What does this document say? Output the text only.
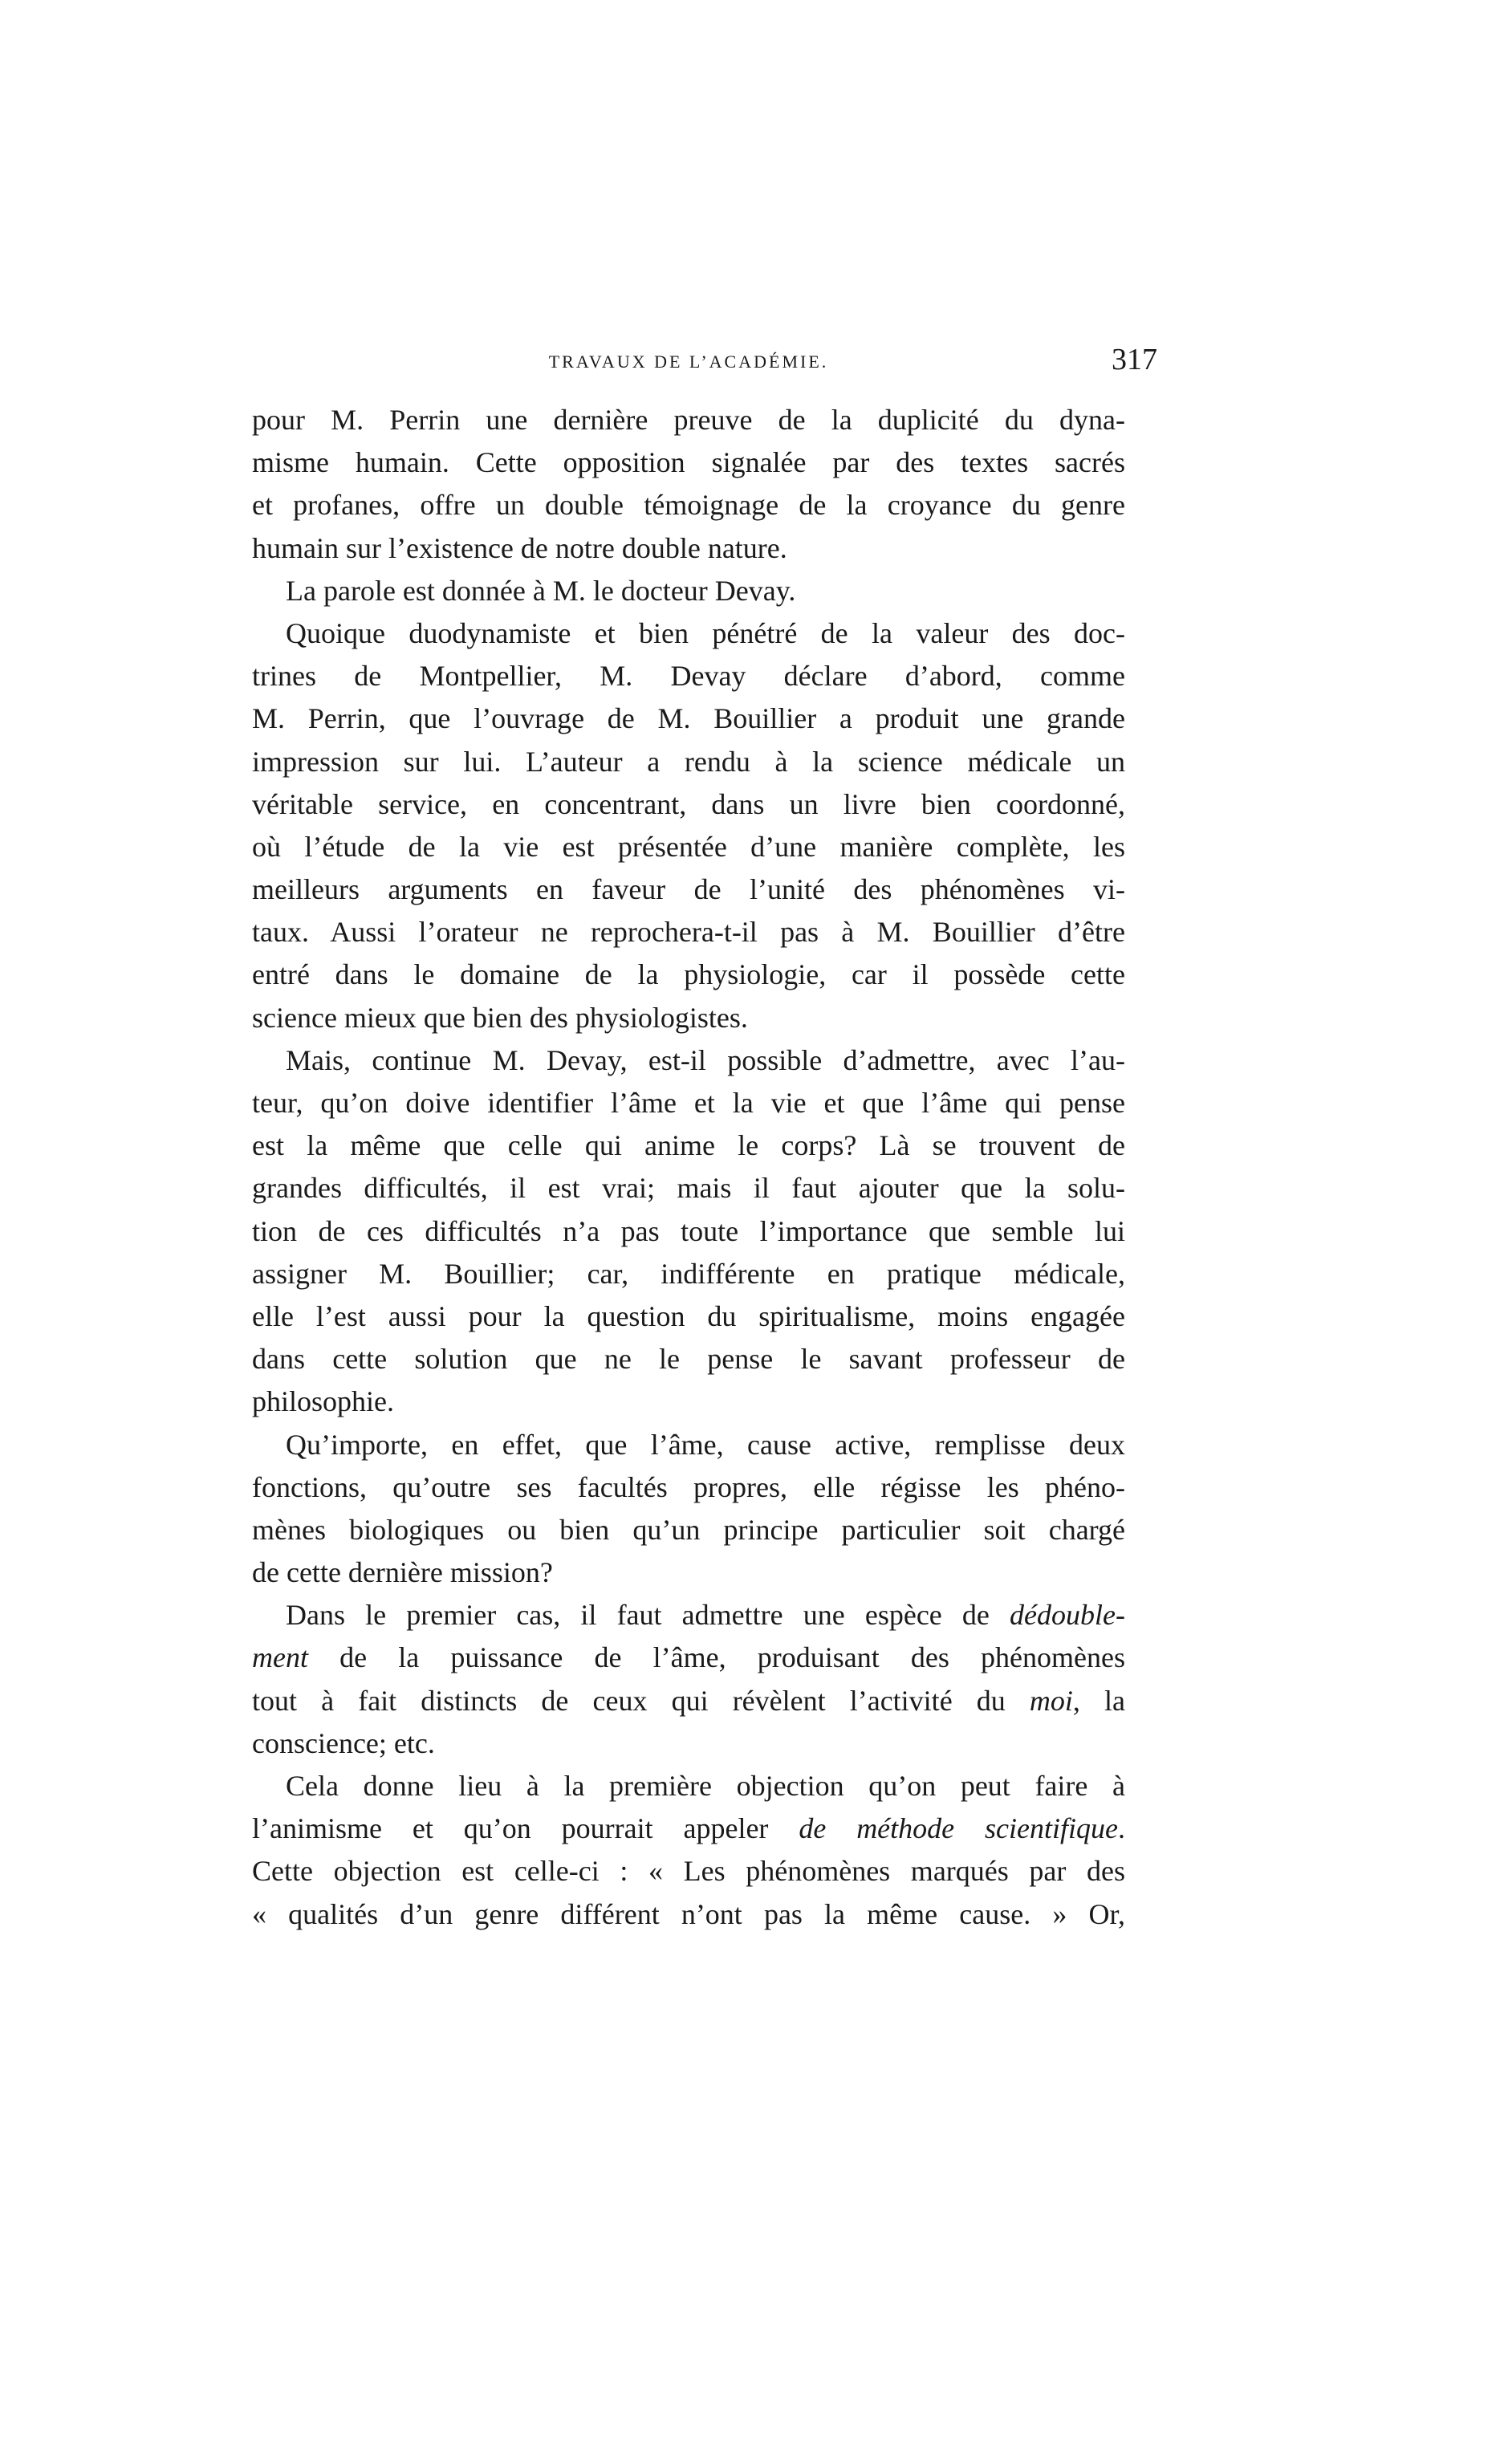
TRAVAUX DE L’ACADÉMIE.	317
pour M. Perrin une dernière preuve de la duplicité du dyna-
misme humain. Cette opposition signalée par des textes sacrés
et profanes, offre un double témoignage de la croyance du genre
humain sur l’existence de notre double nature.
La parole est donnée à M. le docteur Devay.
Quoique duodynamiste et bien pénétré de la valeur des doc-
trines de Montpellier, M. Devay déclare d’abord, comme
M. Perrin, que l’ouvrage de M. Bouillier a produit une grande
impression sur lui. L’auteur a rendu à la science médicale un
véritable service, en concentrant, dans un livre bien coordonné,
où l’étude de la vie est présentée d’une manière complète, les
meilleurs arguments en faveur de l’unité des phénomènes vi-
taux. Aussi l’orateur ne reprochera-t-il pas à M. Bouillier d’être
entré dans le domaine de la physiologie, car il possède cette
science mieux que bien des physiologistes.
Mais, continue M. Devay, est-il possible d’admettre, avec l’au-
teur, qu’on doive identifier l’âme et la vie et que l’âme qui pense
est la même que celle qui anime le corps? Là se trouvent de
grandes difficultés, il est vrai; mais il faut ajouter que la solu-
tion de ces difficultés n’a pas toute l’importance que semble lui
assigner M. Bouillier; car, indifférente en pratique médicale,
elle l’est aussi pour la question du spiritualisme, moins engagée
dans cette solution que ne le pense le savant professeur de
philosophie.
Qu’importe, en effet, que l’âme, cause active, remplisse deux
fonctions, qu’outre ses facultés propres, elle régisse les phéno-
mènes biologiques ou bien qu’un principe particulier soit chargé
de cette dernière mission?
Dans le premier cas, il faut admettre une espèce de dédouble-
ment de la puissance de l’âme, produisant des phénomènes
tout à fait distincts de ceux qui révèlent l’activité du moi, la
conscience; etc.
Cela donne lieu à la première objection qu’on peut faire à
l’animisme et qu’on pourrait appeler de méthode scientifique.
Cette objection est celle-ci : « Les phénomènes marqués par des
« qualités d’un genre différent n’ont pas la même cause. » Or,
